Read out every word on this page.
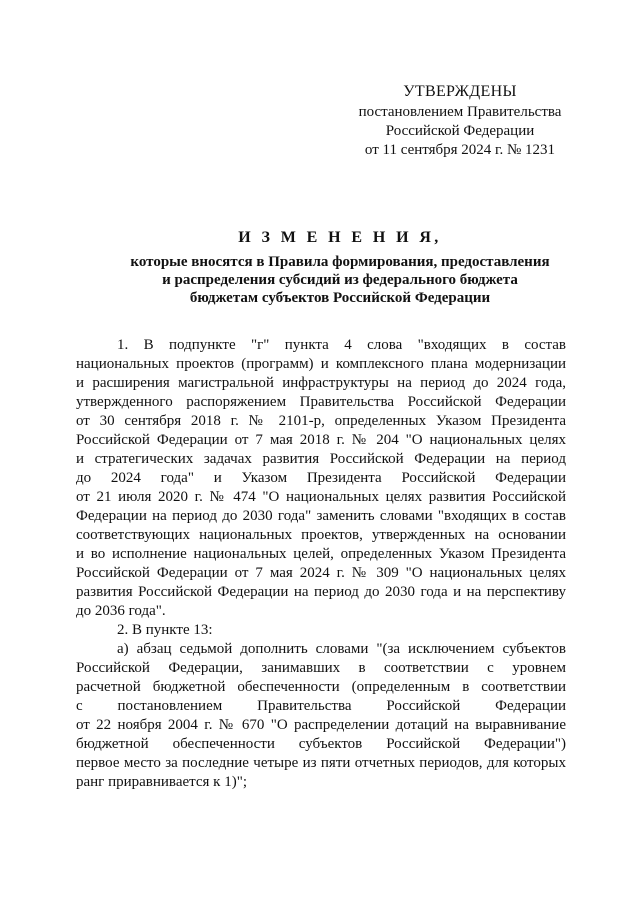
УТВЕРЖДЕНЫ
постановлением Правительства
Российской Федерации
от 11 сентября 2024 г. № 1231
И З М Е Н Е Н И Я,
которые вносятся в Правила формирования, предоставления
и распределения субсидий из федерального бюджета
бюджетам субъектов Российской Федерации

1. В подпункте "г" пункта 4 слова "входящих в состав

национальных проектов (программ) и комплексного плана модернизации

и расширения магистральной инфраструктуры на период до 2024 года,

утвержденного распоряжением Правительства Российской Федерации

от 30 сентября 2018 г. № 2101-р, определенных Указом Президента

Российской Федерации от 7 мая 2018 г. № 204 "О национальных целях

и стратегических задачах развития Российской Федерации на период

до 2024 года" и Указом Президента Российской Федерации

от 21 июля 2020 г. № 474 "О национальных целях развития Российской

Федерации на период до 2030 года" заменить словами "входящих в состав

соответствующих национальных проектов, утвержденных на основании

и во исполнение национальных целей, определенных Указом Президента

Российской Федерации от 7 мая 2024 г. № 309 "О национальных целях

развития Российской Федерации на период до 2030 года и на перспективу

до 2036 года".

2. В пункте 13:

а) абзац седьмой дополнить словами "(за исключением субъектов

Российской Федерации, занимавших в соответствии с уровнем

расчетной бюджетной обеспеченности (определенным в соответствии

с постановлением Правительства Российской Федерации

от 22 ноября 2004 г. № 670 "О распределении дотаций на выравнивание

бюджетной обеспеченности субъектов Российской Федерации")

первое место за последние четыре из пяти отчетных периодов, для которых

ранг приравнивается к 1)";
